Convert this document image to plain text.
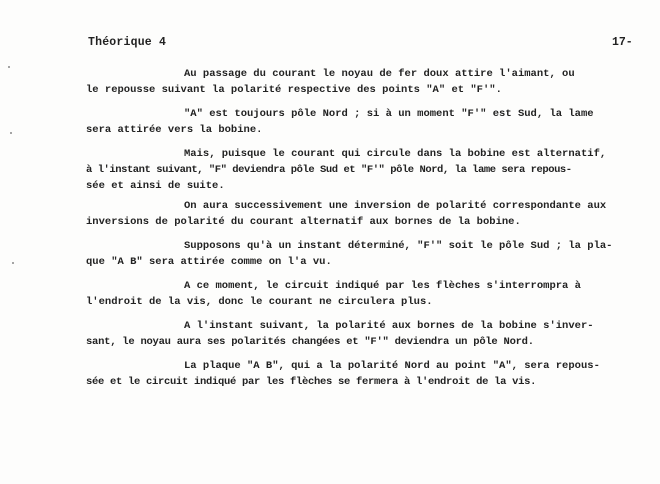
Théorique 4	17-
Au passage du courant le noyau de fer doux attire l'aimant, ou
le repousse suivant la polarité respective des points "A" et "F'".
"A" est toujours pôle Nord ; si à un moment "F'" est Sud, la lame
sera attirée vers la bobine.
Mais, puisque le courant qui circule dans la bobine est alternatif,
à l'instant suivant, "F" deviendra pôle Sud et "F'" pôle Nord, la lame sera repous-
sée et ainsi de suite.
On aura successivement une inversion de polarité correspondante aux
inversions de polarité du courant alternatif aux bornes de la bobine.
Supposons qu'à un instant déterminé, "F'" soit le pôle Sud ; la pla-
que "A B" sera attirée comme on l'a vu.
A ce moment, le circuit indiqué par les flèches s'interrompra à
l'endroit de la vis, donc le courant ne circulera plus.
A l'instant suivant, la polarité aux bornes de la bobine s'inver-
sant, le noyau aura ses polarités changées et "F'" deviendra un pôle Nord.
La plaque "A B", qui a la polarité Nord au point "A", sera repous-
sée et le circuit indiqué par les flèches se fermera à l'endroit de la vis.
